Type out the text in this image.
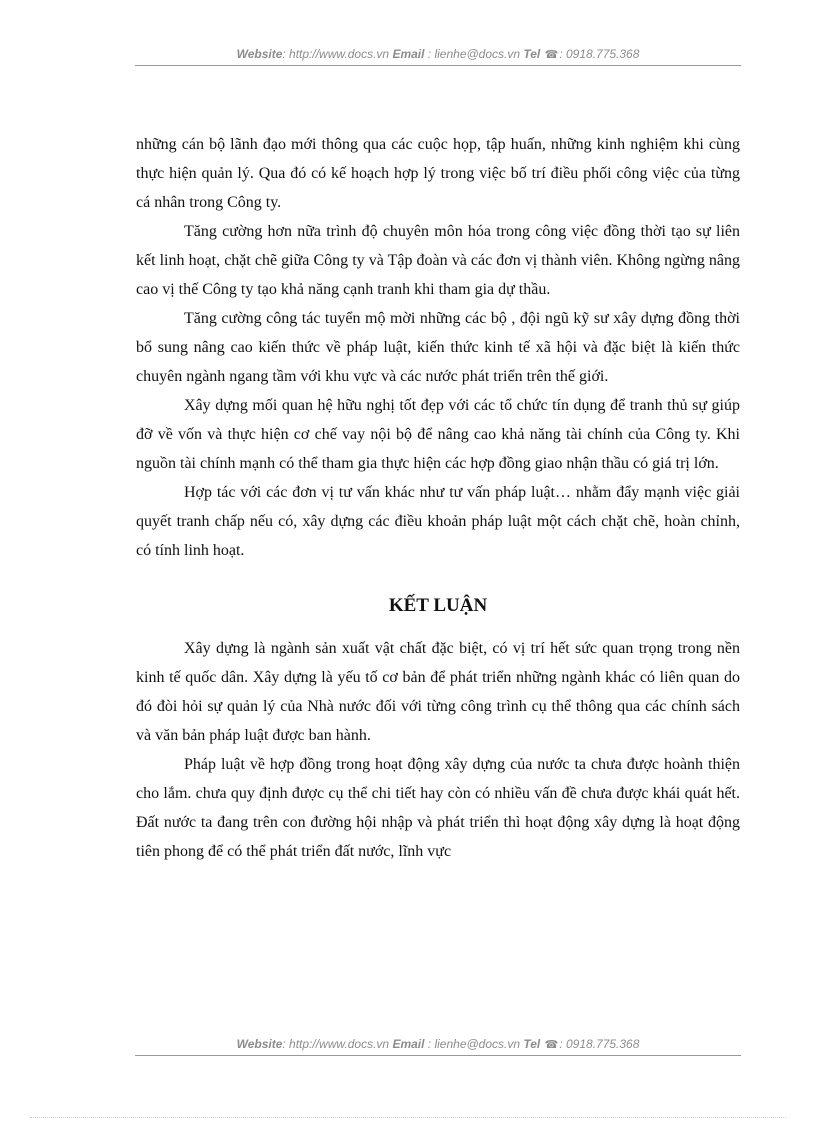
Website: http://www.docs.vn Email : lienhe@docs.vn Tel ☎: 0918.775.368

những cán bộ lãnh đạo mới thông qua các cuộc họp, tập huấn, những kinh nghiệm khi cùng thực hiện quản lý. Qua đó có kế hoạch hợp lý trong việc bố trí điều phối công việc của từng cá nhân trong Công ty.

Tăng cường hơn nữa trình độ chuyên môn hóa trong công việc đồng thời tạo sự liên kết linh hoạt, chặt chẽ giữa Công ty và Tập đoàn và các đơn vị thành viên. Không ngừng nâng cao vị thế Công ty tạo khả năng cạnh tranh khi tham gia dự thầu.

Tăng cường công tác tuyển mộ mời những các bộ , đội ngũ kỹ sư xây dựng đồng thời bổ sung nâng cao kiến thức về pháp luật, kiến thức kinh tế xã hội và đặc biệt là kiến thức chuyên ngành ngang tầm với khu vực và các nước phát triển trên thế giới.

Xây dựng mối quan hệ hữu nghị tốt đẹp với các tổ chức tín dụng để tranh thủ sự giúp đỡ về vốn và thực hiện cơ chế vay nội bộ để nâng cao khả năng tài chính của Công ty. Khi nguồn tài chính mạnh có thể tham gia thực hiện các hợp đồng giao nhận thầu có giá trị lớn.

Hợp tác với các đơn vị tư vấn khác như tư vấn pháp luật… nhằm đẩy mạnh việc giải quyết tranh chấp nếu có, xây dựng các điều khoản pháp luật một cách chặt chẽ, hoàn chỉnh, có tính linh hoạt.

KẾT LUẬN

Xây dựng là ngành sản xuất vật chất đặc biệt, có vị trí hết sức quan trọng trong nền kinh tế quốc dân. Xây dựng là yếu tố cơ bản để phát triển những ngành khác có liên quan do đó đòi hỏi sự quản lý của Nhà nước đối với từng công trình cụ thể thông qua các chính sách và văn bản pháp luật được ban hành.

Pháp luật về hợp đồng trong hoạt động xây dựng của nước ta chưa được hoành thiện cho lắm. chưa quy định được cụ thể chi tiết hay còn có nhiều vấn đề chưa được khái quát hết. Đất nước ta đang trên con đường hội nhập và phát triển thì hoạt động xây dựng là hoạt động tiên phong để có thể phát triển đất nước, lĩnh vực

Website: http://www.docs.vn Email : lienhe@docs.vn Tel ☎: 0918.775.368
